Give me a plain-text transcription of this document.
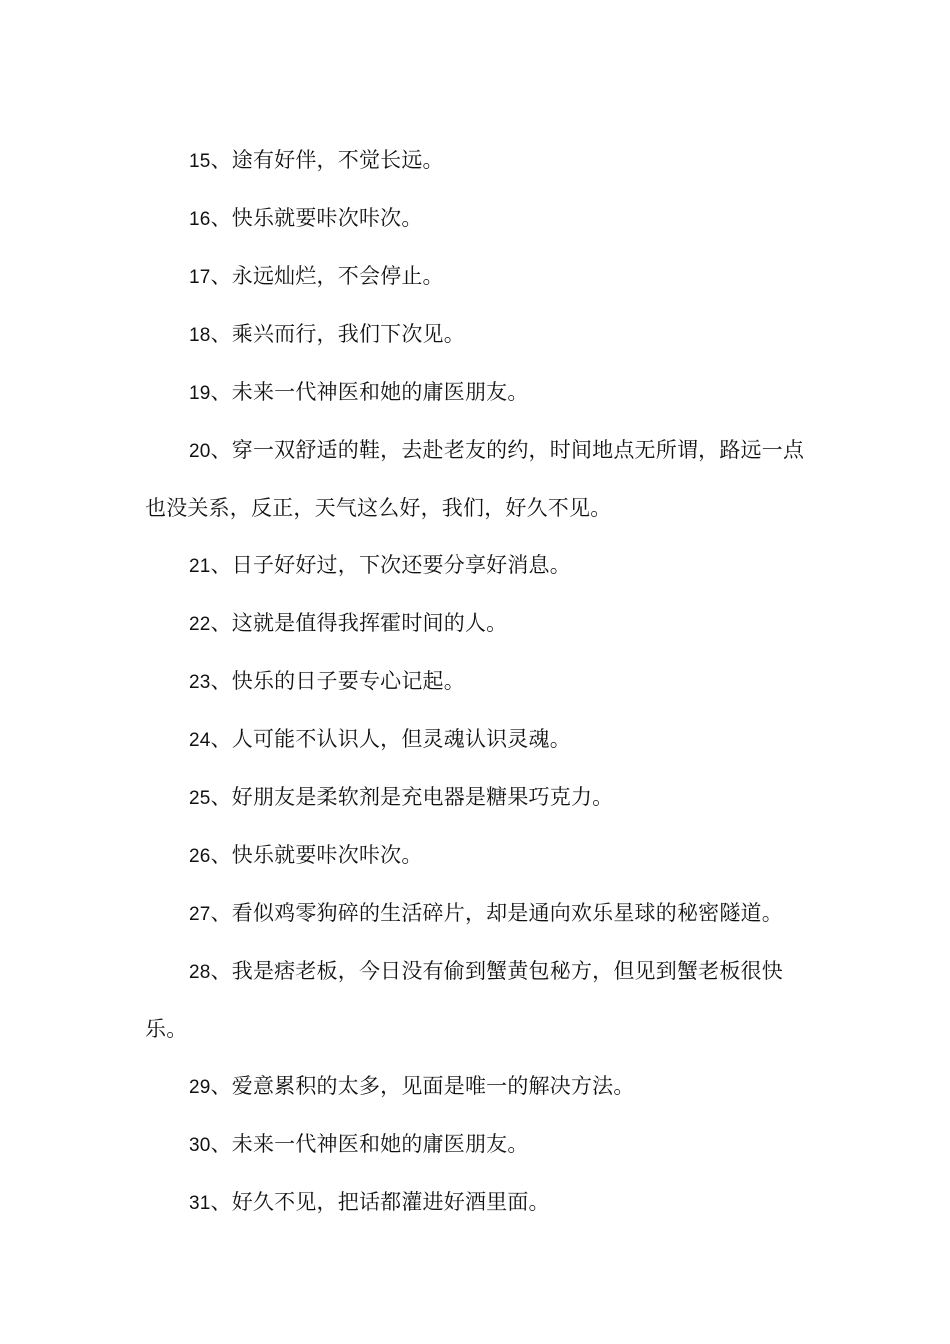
15、途有好伴，不觉长远。

16、快乐就要咔次咔次。

17、永远灿烂，不会停止。

18、乘兴而行，我们下次见。

19、未来一代神医和她的庸医朋友。

20、穿一双舒适的鞋，去赴老友的约，时间地点无所谓，路远一点也没关系，反正，天气这么好，我们，好久不见。

21、日子好好过，下次还要分享好消息。

22、这就是值得我挥霍时间的人。

23、快乐的日子要专心记起。

24、人可能不认识人，但灵魂认识灵魂。

25、好朋友是柔软剂是充电器是糖果巧克力。

26、快乐就要咔次咔次。

27、看似鸡零狗碎的生活碎片，却是通向欢乐星球的秘密隧道。

28、我是痞老板，今日没有偷到蟹黄包秘方，但见到蟹老板很快乐。

29、爱意累积的太多，见面是唯一的解决方法。

30、未来一代神医和她的庸医朋友。

31、好久不见，把话都灌进好酒里面。
